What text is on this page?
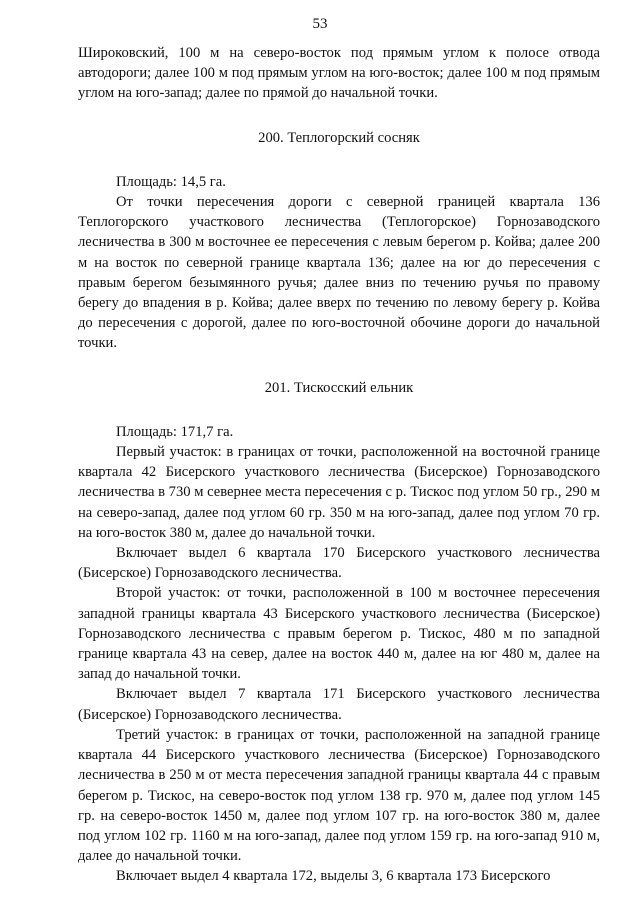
53

Широковский, 100 м на северо-восток под прямым углом к полосе отвода автодороги; далее 100 м под прямым углом на юго-восток; далее 100 м под прямым углом на юго-запад; далее по прямой до начальной точки.

200. Теплогорский сосняк

Площадь: 14,5 га.

От точки пересечения дороги с северной границей квартала 136 Теплогорского участкового лесничества (Теплогорское) Горнозаводского лесничества в 300 м восточнее ее пересечения с левым берегом р. Койва; далее 200 м на восток по северной границе квартала 136; далее на юг до пересечения с правым берегом безымянного ручья; далее вниз по течению ручья по правому берегу до впадения в р. Койва; далее вверх по течению по левому берегу р. Койва до пересечения с дорогой, далее по юго-восточной обочине дороги до начальной точки.

201. Тискосский ельник

Площадь: 171,7 га.

Первый участок: в границах от точки, расположенной на восточной границе квартала 42 Бисерского участкового лесничества (Бисерское) Горнозаводского лесничества в 730 м севернее места пересечения с р. Тискос под углом 50 гр., 290 м на северо-запад, далее под углом 60 гр. 350 м на юго-запад, далее под углом 70 гр. на юго-восток 380 м, далее до начальной точки.

Включает выдел 6 квартала 170 Бисерского участкового лесничества (Бисерское) Горнозаводского лесничества.

Второй участок: от точки, расположенной в 100 м восточнее пересечения западной границы квартала 43 Бисерского участкового лесничества (Бисерское) Горнозаводского лесничества с правым берегом р. Тискос, 480 м по западной границе квартала 43 на север, далее на восток 440 м, далее на юг 480 м, далее на запад до начальной точки.

Включает выдел 7 квартала 171 Бисерского участкового лесничества (Бисерское) Горнозаводского лесничества.

Третий участок: в границах от точки, расположенной на западной границе квартала 44 Бисерского участкового лесничества (Бисерское) Горнозаводского лесничества в 250 м от места пересечения западной границы квартала 44 с правым берегом р. Тискос, на северо-восток под углом 138 гр. 970 м, далее под углом 145 гр. на северо-восток 1450 м, далее под углом 107 гр. на юго-восток 380 м, далее под углом 102 гр. 1160 м на юго-запад, далее под углом 159 гр. на юго-запад 910 м, далее до начальной точки.

Включает выдел 4 квартала 172, выделы 3, 6 квартала 173 Бисерского
